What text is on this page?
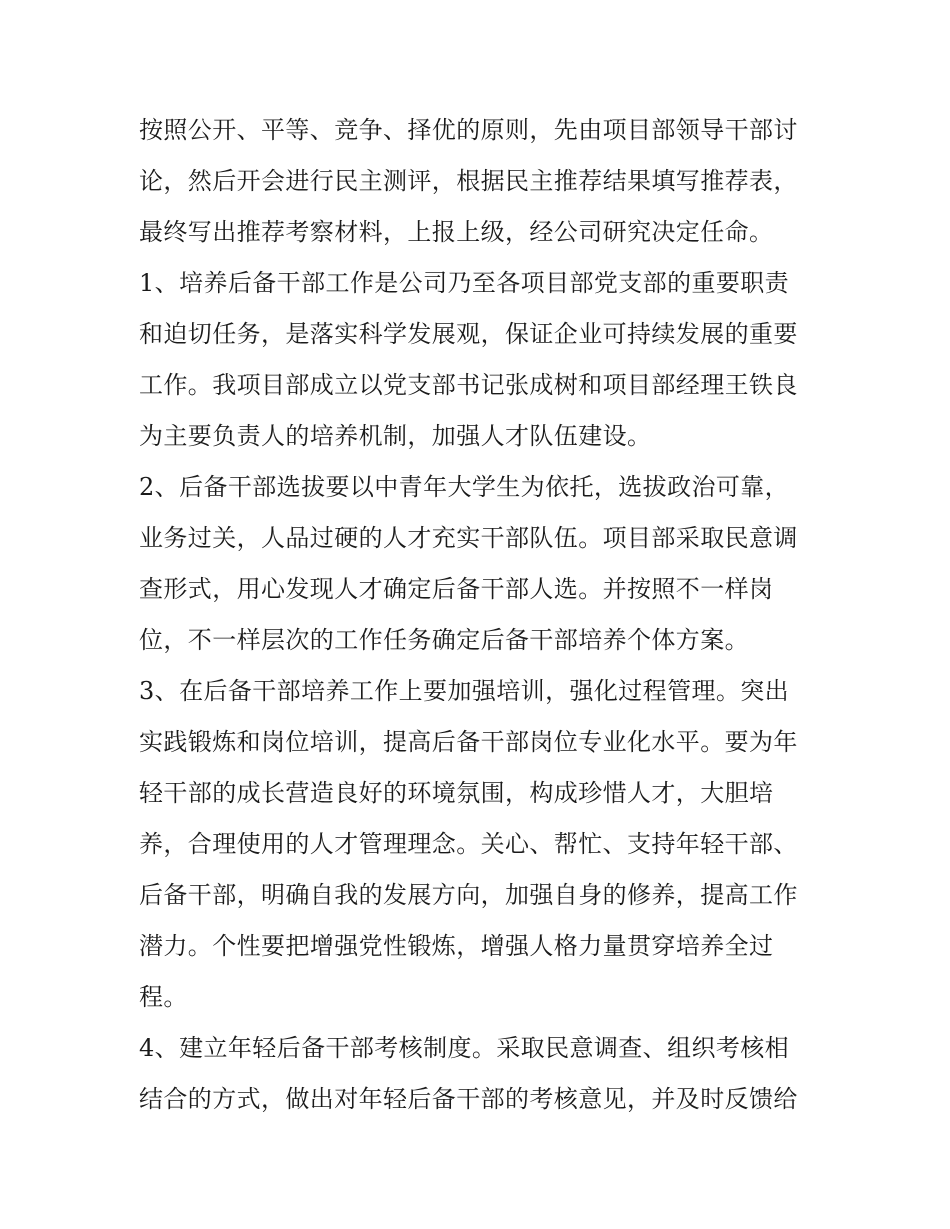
按照公开、平等、竞争、择优的原则，先由项目部领导干部讨

论，然后开会进行民主测评，根据民主推荐结果填写推荐表，

最终写出推荐考察材料，上报上级，经公司研究决定任命。

1、培养后备干部工作是公司乃至各项目部党支部的重要职责

和迫切任务，是落实科学发展观，保证企业可持续发展的重要

工作。我项目部成立以党支部书记张成树和项目部经理王铁良

为主要负责人的培养机制，加强人才队伍建设。

2、后备干部选拔要以中青年大学生为依托，选拔政治可靠，

业务过关，人品过硬的人才充实干部队伍。项目部采取民意调

查形式，用心发现人才确定后备干部人选。并按照不一样岗

位，不一样层次的工作任务确定后备干部培养个体方案。

3、在后备干部培养工作上要加强培训，强化过程管理。突出

实践锻炼和岗位培训，提高后备干部岗位专业化水平。要为年

轻干部的成长营造良好的环境氛围，构成珍惜人才，大胆培

养，合理使用的人才管理理念。关心、帮忙、支持年轻干部、

后备干部，明确自我的发展方向，加强自身的修养，提高工作

潜力。个性要把增强党性锻炼，增强人格力量贯穿培养全过

程。

4、建立年轻后备干部考核制度。采取民意调查、组织考核相

结合的方式，做出对年轻后备干部的考核意见，并及时反馈给
